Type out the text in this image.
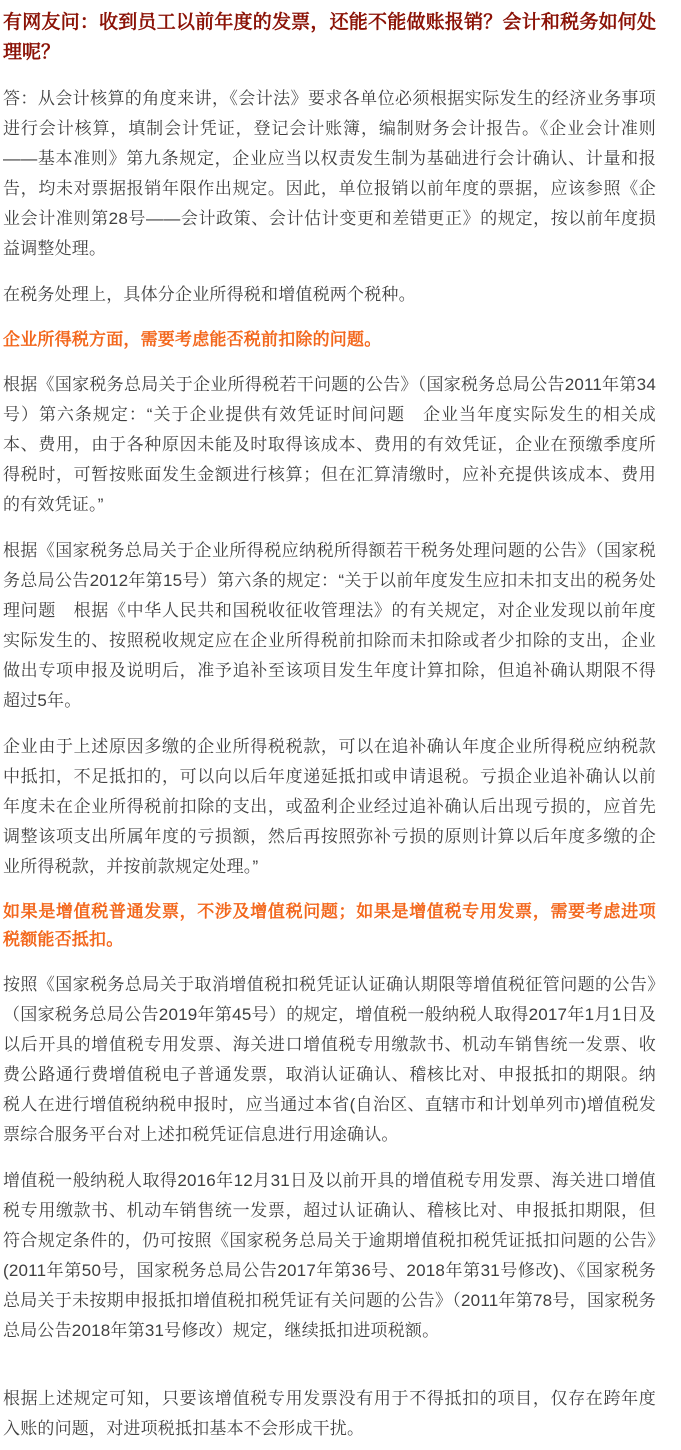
有网友问：收到员工以前年度的发票，还能不能做账报销？会计和税务如何处理呢？

答：从会计核算的角度来讲，《会计法》要求各单位必须根据实际发生的经济业务事项进行会计核算，填制会计凭证，登记会计账簿，编制财务会计报告。《企业会计准则——基本准则》第九条规定，企业应当以权责发生制为基础进行会计确认、计量和报告，均未对票据报销年限作出规定。因此，单位报销以前年度的票据，应该参照《企业会计准则第28号——会计政策、会计估计变更和差错更正》的规定，按以前年度损益调整处理。

在税务处理上，具体分企业所得税和增值税两个税种。

企业所得税方面，需要考虑能否税前扣除的问题。

根据《国家税务总局关于企业所得税若干问题的公告》（国家税务总局公告2011年第34号）第六条规定：“关于企业提供有效凭证时间问题　企业当年度实际发生的相关成本、费用，由于各种原因未能及时取得该成本、费用的有效凭证，企业在预缴季度所得税时，可暂按账面发生金额进行核算；但在汇算清缴时，应补充提供该成本、费用的有效凭证。”

根据《国家税务总局关于企业所得税应纳税所得额若干税务处理问题的公告》（国家税务总局公告2012年第15号）第六条的规定：“关于以前年度发生应扣未扣支出的税务处理问题　根据《中华人民共和国税收征收管理法》的有关规定，对企业发现以前年度实际发生的、按照税收规定应在企业所得税前扣除而未扣除或者少扣除的支出，企业做出专项申报及说明后，准予追补至该项目发生年度计算扣除，但追补确认期限不得超过5年。

企业由于上述原因多缴的企业所得税税款，可以在追补确认年度企业所得税应纳税款中抵扣，不足抵扣的，可以向以后年度递延抵扣或申请退税。亏损企业追补确认以前年度未在企业所得税前扣除的支出，或盈利企业经过追补确认后出现亏损的，应首先调整该项支出所属年度的亏损额，然后再按照弥补亏损的原则计算以后年度多缴的企业所得税款，并按前款规定处理。”

如果是增值税普通发票，不涉及增值税问题；如果是增值税专用发票，需要考虑进项税额能否抵扣。

按照《国家税务总局关于取消增值税扣税凭证认证确认期限等增值税征管问题的公告》（国家税务总局公告2019年第45号）的规定，增值税一般纳税人取得2017年1月1日及以后开具的增值税专用发票、海关进口增值税专用缴款书、机动车销售统一发票、收费公路通行费增值税电子普通发票，取消认证确认、稽核比对、申报抵扣的期限。纳税人在进行增值税纳税申报时，应当通过本省(自治区、直辖市和计划单列市)增值税发票综合服务平台对上述扣税凭证信息进行用途确认。

增值税一般纳税人取得2016年12月31日及以前开具的增值税专用发票、海关进口增值税专用缴款书、机动车销售统一发票，超过认证确认、稽核比对、申报抵扣期限，但符合规定条件的，仍可按照《国家税务总局关于逾期增值税扣税凭证抵扣问题的公告》(2011年第50号，国家税务总局公告2017年第36号、2018年第31号修改)、《国家税务总局关于未按期申报抵扣增值税扣税凭证有关问题的公告》（2011年第78号，国家税务总局公告2018年第31号修改）规定，继续抵扣进项税额。

根据上述规定可知，只要该增值税专用发票没有用于不得抵扣的项目，仅存在跨年度入账的问题，对进项税抵扣基本不会形成干扰。
